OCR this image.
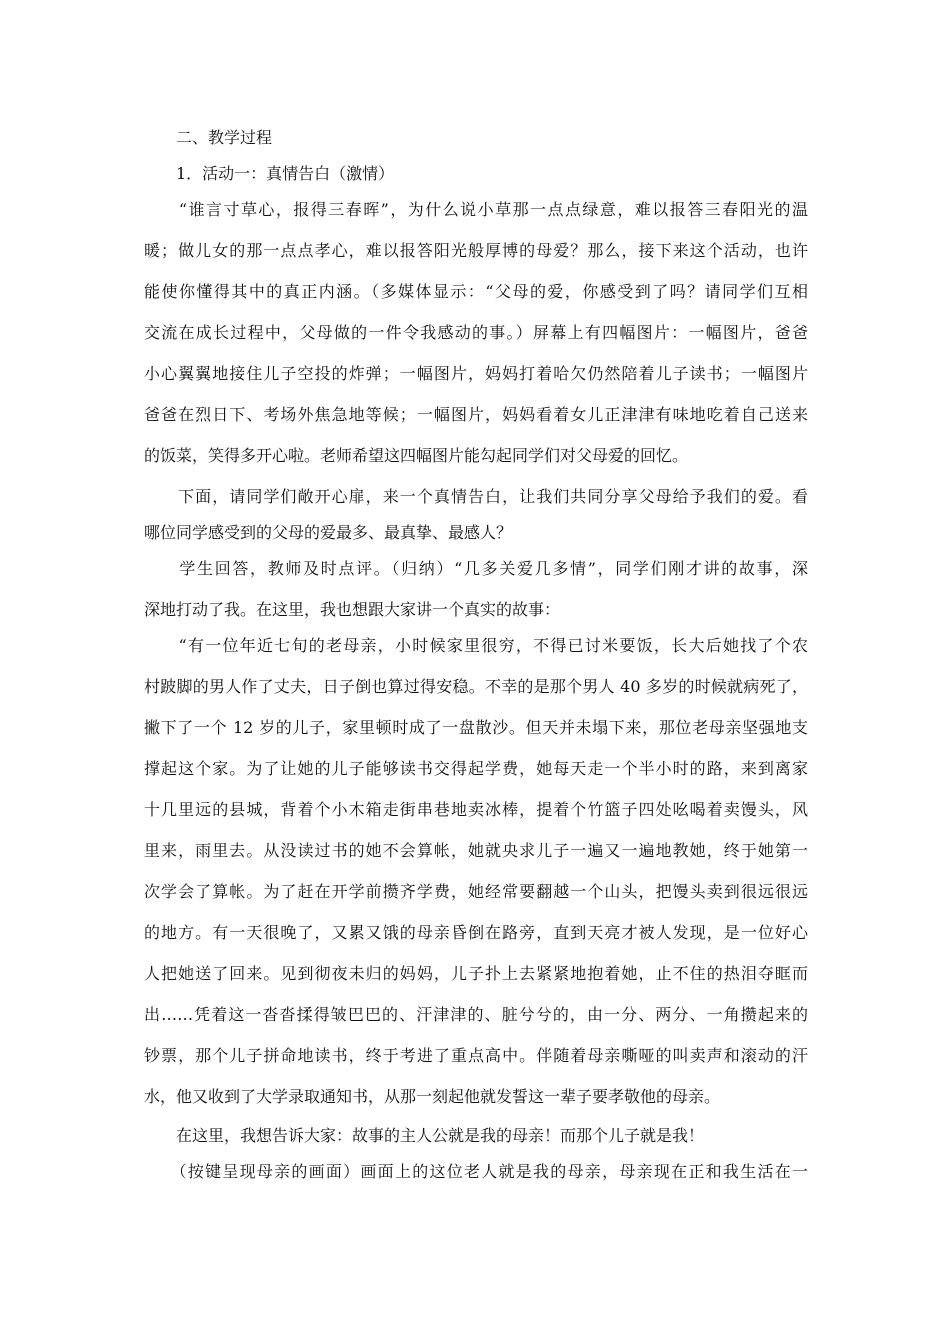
　　二、教学过程
　　1．活动一：真情告白（激情）
　　“谁言寸草心，报得三春晖”，为什么说小草那一点点绿意，难以报答三春阳光的温
暖；做儿女的那一点点孝心，难以报答阳光般厚博的母爱？那么，接下来这个活动，也许
能使你懂得其中的真正内涵。（多媒体显示：“父母的爱，你感受到了吗？请同学们互相
交流在成长过程中，父母做的一件令我感动的事。）屏幕上有四幅图片：一幅图片，爸爸
小心翼翼地接住儿子空投的炸弹；一幅图片，妈妈打着哈欠仍然陪着儿子读书；一幅图片
爸爸在烈日下、考场外焦急地等候；一幅图片，妈妈看着女儿正津津有味地吃着自己送来
的饭菜，笑得多开心啦。老师希望这四幅图片能勾起同学们对父母爱的回忆。
　　下面，请同学们敞开心扉，来一个真情告白，让我们共同分享父母给予我们的爱。看
哪位同学感受到的父母的爱最多、最真挚、最感人？
　　学生回答，教师及时点评。（归纳）“几多关爱几多情”，同学们刚才讲的故事，深
深地打动了我。在这里，我也想跟大家讲一个真实的故事：
　　“有一位年近七旬的老母亲，小时候家里很穷，不得已讨米要饭，长大后她找了个农
村跛脚的男人作了丈夫，日子倒也算过得安稳。不幸的是那个男人 40 多岁的时候就病死了，
撇下了一个 12 岁的儿子，家里顿时成了一盘散沙。但天并未塌下来，那位老母亲坚强地支
撑起这个家。为了让她的儿子能够读书交得起学费，她每天走一个半小时的路，来到离家
十几里远的县城，背着个小木箱走街串巷地卖冰棒，提着个竹篮子四处吆喝着卖馒头，风
里来，雨里去。从没读过书的她不会算帐，她就央求儿子一遍又一遍地教她，终于她第一
次学会了算帐。为了赶在开学前攒齐学费，她经常要翻越一个山头，把馒头卖到很远很远
的地方。有一天很晚了，又累又饿的母亲昏倒在路旁，直到天亮才被人发现，是一位好心
人把她送了回来。见到彻夜未归的妈妈，儿子扑上去紧紧地抱着她，止不住的热泪夺眶而
出……凭着这一沓沓揉得皱巴巴的、汗津津的、脏兮兮的，由一分、两分、一角攒起来的
钞票，那个儿子拼命地读书，终于考进了重点高中。伴随着母亲嘶哑的叫卖声和滚动的汗
水，他又收到了大学录取通知书，从那一刻起他就发誓这一辈子要孝敬他的母亲。
　　在这里，我想告诉大家：故事的主人公就是我的母亲！而那个儿子就是我！
　　（按键呈现母亲的画面）画面上的这位老人就是我的母亲，母亲现在正和我生活在一
